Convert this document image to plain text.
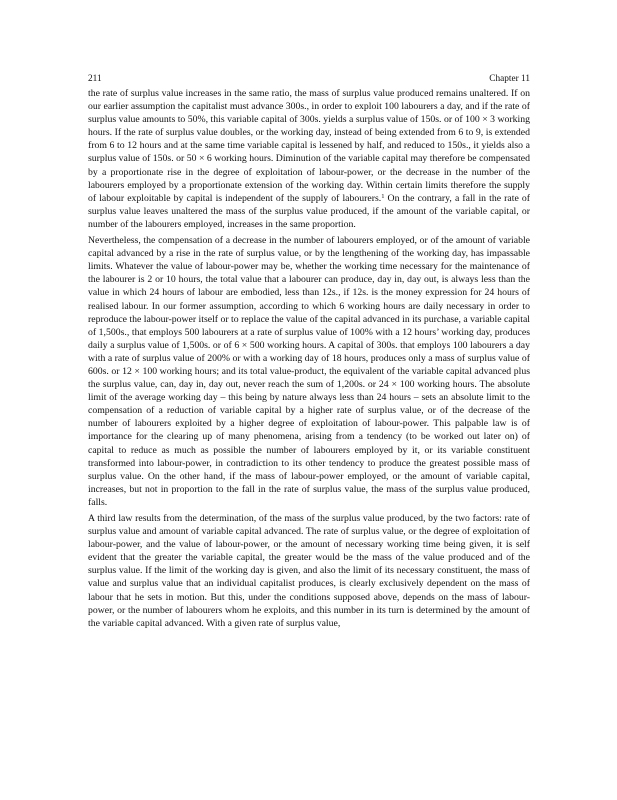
211	Chapter 11

the rate of surplus value increases in the same ratio, the mass of surplus value produced remains unaltered. If on our earlier assumption the capitalist must advance 300s., in order to exploit 100 labourers a day, and if the rate of surplus value amounts to 50%, this variable capital of 300s. yields a surplus value of 150s. or of 100 × 3 working hours. If the rate of surplus value doubles, or the working day, instead of being extended from 6 to 9, is extended from 6 to 12 hours and at the same time variable capital is lessened by half, and reduced to 150s., it yields also a surplus value of 150s. or 50 × 6 working hours. Diminution of the variable capital may therefore be compensated by a proportionate rise in the degree of exploitation of labour-power, or the decrease in the number of the labourers employed by a proportionate extension of the working day. Within certain limits therefore the supply of labour exploitable by capital is independent of the supply of labourers.$^1$ On the contrary, a fall in the rate of surplus value leaves unaltered the mass of the surplus value produced, if the amount of the variable capital, or number of the labourers employed, increases in the same proportion.

Nevertheless, the compensation of a decrease in the number of labourers employed, or of the amount of variable capital advanced by a rise in the rate of surplus value, or by the lengthening of the working day, has impassable limits. Whatever the value of labour-power may be, whether the working time necessary for the maintenance of the labourer is 2 or 10 hours, the total value that a labourer can produce, day in, day out, is always less than the value in which 24 hours of labour are embodied, less than 12s., if 12s. is the money expression for 24 hours of realised labour. In our former assumption, according to which 6 working hours are daily necessary in order to reproduce the labour-power itself or to replace the value of the capital advanced in its purchase, a variable capital of 1,500s., that employs 500 labourers at a rate of surplus value of 100% with a 12 hours’ working day, produces daily a surplus value of 1,500s. or of 6 × 500 working hours. A capital of 300s. that employs 100 labourers a day with a rate of surplus value of 200% or with a working day of 18 hours, produces only a mass of surplus value of 600s. or 12 × 100 working hours; and its total value-product, the equivalent of the variable capital advanced plus the surplus value, can, day in, day out, never reach the sum of 1,200s. or 24 × 100 working hours. The absolute limit of the average working day – this being by nature always less than 24 hours – sets an absolute limit to the compensation of a reduction of variable capital by a higher rate of surplus value, or of the decrease of the number of labourers exploited by a higher degree of exploitation of labour-power. This palpable law is of importance for the clearing up of many phenomena, arising from a tendency (to be worked out later on) of capital to reduce as much as possible the number of labourers employed by it, or its variable constituent transformed into labour-power, in contradiction to its other tendency to produce the greatest possible mass of surplus value. On the other hand, if the mass of labour-power employed, or the amount of variable capital, increases, but not in proportion to the fall in the rate of surplus value, the mass of the surplus value produced, falls.

A third law results from the determination, of the mass of the surplus value produced, by the two factors: rate of surplus value and amount of variable capital advanced. The rate of surplus value, or the degree of exploitation of labour-power, and the value of labour-power, or the amount of necessary working time being given, it is self evident that the greater the variable capital, the greater would be the mass of the value produced and of the surplus value. If the limit of the working day is given, and also the limit of its necessary constituent, the mass of value and surplus value that an individual capitalist produces, is clearly exclusively dependent on the mass of labour that he sets in motion. But this, under the conditions supposed above, depends on the mass of labour-power, or the number of labourers whom he exploits, and this number in its turn is determined by the amount of the variable capital advanced. With a given rate of surplus value,
